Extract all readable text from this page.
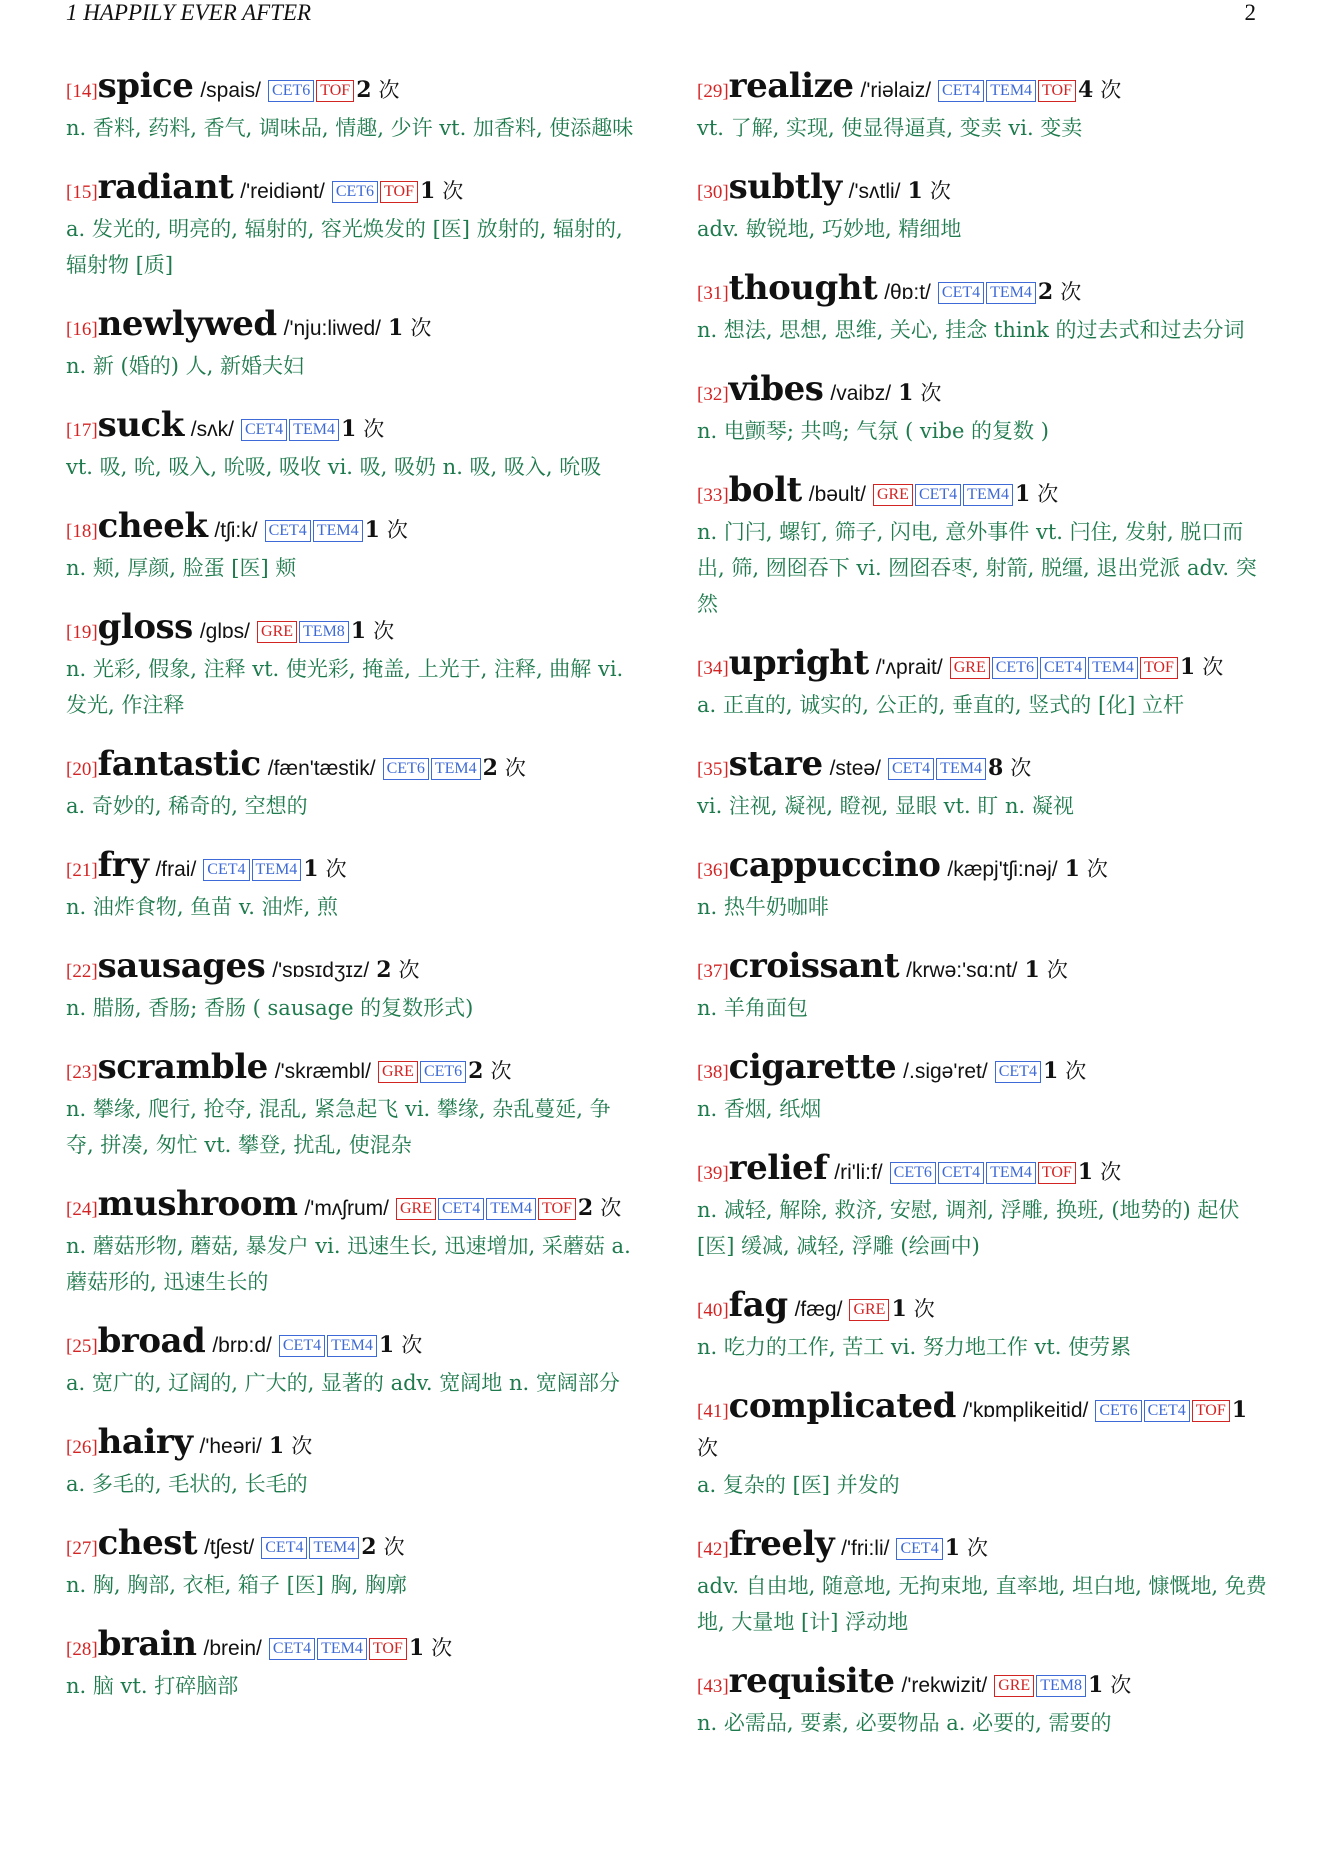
1 HAPPILY EVER AFTER	2
[14]spice /spais/ CET6 TOF 2 次
n. 香料, 药料, 香气, 调味品, 情趣, 少许 vt. 加香料, 使添趣味
[15]radiant /'reidiənt/ CET6 TOF 1 次
a. 发光的, 明亮的, 辐射的, 容光焕发的 [医] 放射的, 辐射的, 辐射物 [质]
[16]newlywed /'nju:liwed/ 1 次
n. 新 (婚的) 人, 新婚夫妇
[17]suck /sʌk/ CET4 TEM4 1 次
vt. 吸, 吮, 吸入, 吮吸, 吸收 vi. 吸, 吸奶 n. 吸, 吸入, 吮吸
[18]cheek /tʃi:k/ CET4 TEM4 1 次
n. 颊, 厚颜, 脸蛋 [医] 颊
[19]gloss /glɒs/ GRE TEM8 1 次
n. 光彩, 假象, 注释 vt. 使光彩, 掩盖, 上光于, 注释, 曲解 vi. 发光, 作注释
[20]fantastic /fæn'tæstik/ CET6 TEM4 2 次
a. 奇妙的, 稀奇的, 空想的
[21]fry /frai/ CET4 TEM4 1 次
n. 油炸食物, 鱼苗 v. 油炸, 煎
[22]sausages /'sɒsɪdʒɪz/ 2 次
n. 腊肠, 香肠; 香肠 ( sausage 的复数形式)
[23]scramble /'skræmbl/ GRE CET6 2 次
n. 攀缘, 爬行, 抢夺, 混乱, 紧急起飞 vi. 攀缘, 杂乱蔓延, 争夺, 拼凑, 匆忙 vt. 攀登, 扰乱, 使混杂
[24]mushroom /'mʌʃrum/ GRE CET4 TEM4 TOF 2 次
n. 蘑菇形物, 蘑菇, 暴发户 vi. 迅速生长, 迅速增加, 采蘑菇 a. 蘑菇形的, 迅速生长的
[25]broad /brɒ:d/ CET4 TEM4 1 次
a. 宽广的, 辽阔的, 广大的, 显著的 adv. 宽阔地 n. 宽阔部分
[26]hairy /'heəri/ 1 次
a. 多毛的, 毛状的, 长毛的
[27]chest /tʃest/ CET4 TEM4 2 次
n. 胸, 胸部, 衣柜, 箱子 [医] 胸, 胸廓
[28]brain /brein/ CET4 TEM4 TOF 1 次
n. 脑 vt. 打碎脑部
[29]realize /'riəlaiz/ CET4 TEM4 TOF 4 次
vt. 了解, 实现, 使显得逼真, 变卖 vi. 变卖
[30]subtly /'sʌtli/ 1 次
adv. 敏锐地, 巧妙地, 精细地
[31]thought /θɒ:t/ CET4 TEM4 2 次
n. 想法, 思想, 思维, 关心, 挂念 think 的过去式和过去分词
[32]vibes /vaibz/ 1 次
n. 电颤琴; 共鸣; 气氛 ( vibe 的复数 )
[33]bolt /bəult/ GRE CET4 TEM4 1 次
n. 门闩, 螺钉, 筛子, 闪电, 意外事件 vt. 闩住, 发射, 脱口而出, 筛, 囫囵吞下 vi. 囫囵吞枣, 射箭, 脱缰, 退出党派 adv. 突然
[34]upright /'ʌprait/ GRE CET6 CET4 TEM4 TOF 1 次
a. 正直的, 诚实的, 公正的, 垂直的, 竖式的 [化] 立杆
[35]stare /steə/ CET4 TEM4 8 次
vi. 注视, 凝视, 瞪视, 显眼 vt. 盯 n. 凝视
[36]cappuccino /kæpj'tʃi:nəj/ 1 次
n. 热牛奶咖啡
[37]croissant /krwə:'sɑ:nt/ 1 次
n. 羊角面包
[38]cigarette /.sigə'ret/ CET4 1 次
n. 香烟, 纸烟
[39]relief /ri'li:f/ CET6 CET4 TEM4 TOF 1 次
n. 减轻, 解除, 救济, 安慰, 调剂, 浮雕, 换班, (地势的) 起伏 [医] 缓减, 减轻, 浮雕 (绘画中)
[40]fag /fæg/ GRE 1 次
n. 吃力的工作, 苦工 vi. 努力地工作 vt. 使劳累
[41]complicated /'kɒmplikeitid/ CET6 CET4 TOF 1 次
a. 复杂的 [医] 并发的
[42]freely /'fri:li/ CET4 1 次
adv. 自由地, 随意地, 无拘束地, 直率地, 坦白地, 慷慨地, 免费地, 大量地 [计] 浮动地
[43]requisite /'rekwizit/ GRE TEM8 1 次
n. 必需品, 要素, 必要物品 a. 必要的, 需要的
